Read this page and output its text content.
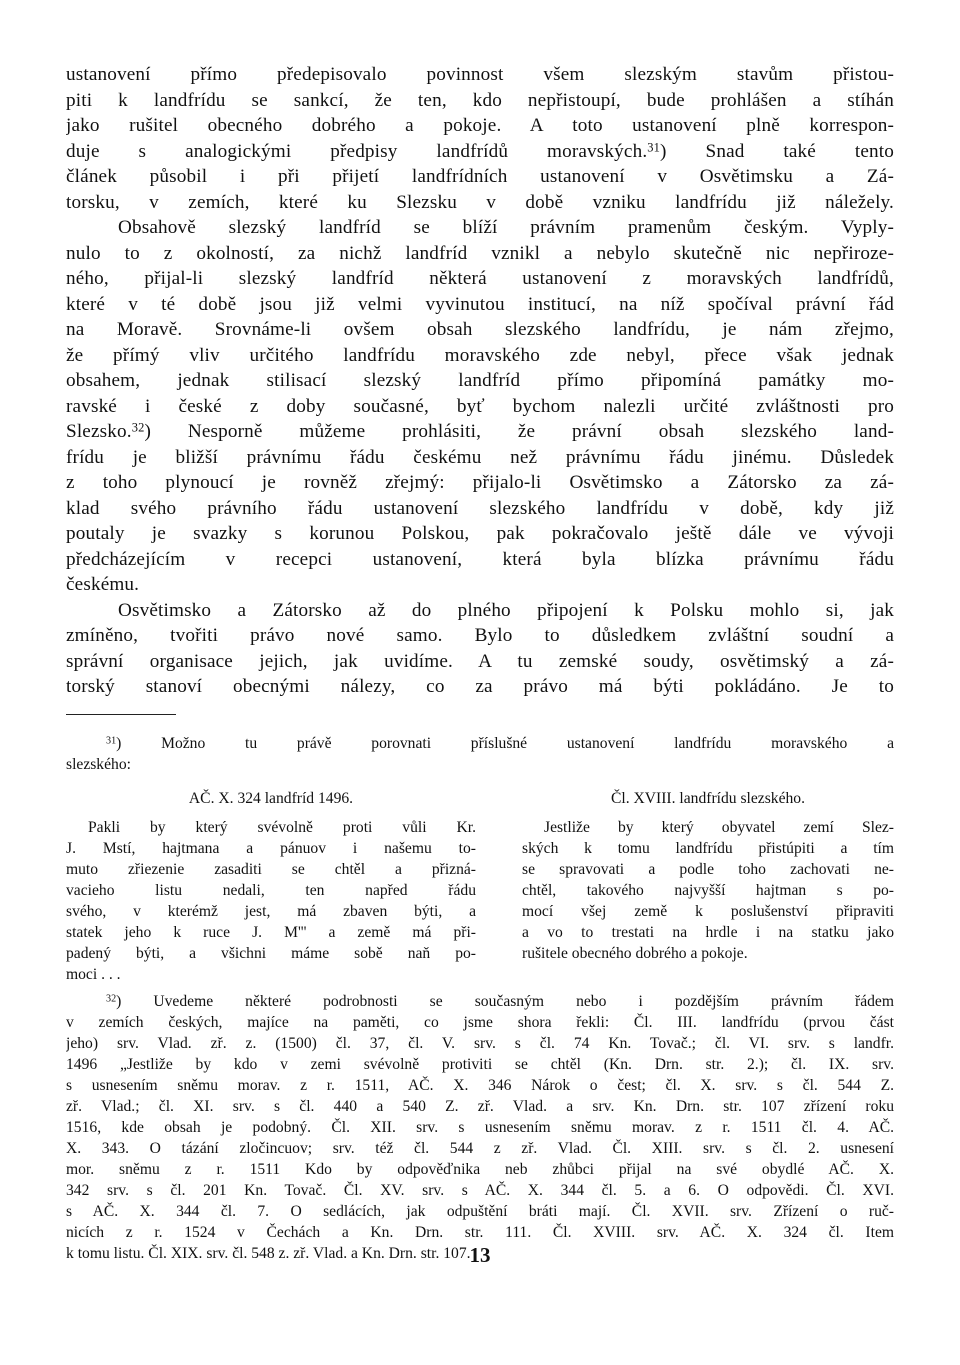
ustanovení přímo předepisovalo povinnost všem slezským stavům přistou-
piti k landfrídu se sankcí, že ten, kdo nepřistoupí, bude prohlášen a stíhán
jako rušitel obecného dobrého a pokoje. A toto ustanovení plně korrespon-
duje s analogickými předpisy landfrídů moravských.$^{31}$) Snad také tento
článek působil i při přijetí landfrídních ustanovení v Osvětimsku a Zá-
torsku, v zemích, které ku Slezsku v době vzniku landfrídu již náležely.
Obsahově slezský landfríd se blíží právním pramenům českým. Vyply-
nulo to z okolností, za nichž landfríd vznikl a nebylo skutečně nic nepřiroze-
ného, přijal-li slezský landfríd některá ustanovení z moravských landfrídů,
které v té době jsou již velmi vyvinutou institucí, na níž spočíval právní řád
na Moravě. Srovnáme-li ovšem obsah slezského landfrídu, je nám zřejmo,
že přímý vliv určitého landfrídu moravského zde nebyl, přece však jednak
obsahem, jednak stilisací slezský landfríd přímo připomíná památky mo-
ravské i české z doby současné, byť bychom nalezli určité zvláštnosti pro
Slezsko.$^{32}$) Nesporně můžeme prohlásiti, že právní obsah slezského land-
frídu je bližší právnímu řádu českému než právnímu řádu jinému. Důsledek
z toho plynoucí je rovněž zřejmý: přijalo-li Osvětimsko a Zátorsko za zá-
klad svého právního řádu ustanovení slezského landfrídu v době, kdy již
poutaly je svazky s korunou Polskou, pak pokračovalo ještě dále ve vývoji
předcházejícím v recepci ustanovení, která byla blízka právnímu řádu
českému.
Osvětimsko a Zátorsko až do plného připojení k Polsku mohlo si, jak
zmíněno, tvořiti právo nové samo. Bylo to důsledkem zvláštní soudní a
správní organisace jejich, jak uvidíme. A tu zemské soudy, osvětimský a zá-
torský stanoví obecnými nálezy, co za právo má býti pokládáno. Je to
$^{31}$) Možno tu právě porovnati příslušné ustanovení landfrídu moravského a
slezského:
AČ. X. 324 landfríd 1496.
Pakli by který svévolně proti vůli Kr.
J. Mstí, hajtmana a pánuov i našemu to-
muto zřiezenie zasaditi se chtěl a přizná-
vacieho listu nedali, ten napřed řádu
svého, v kterémž jest, má zbaven býti, a
statek jeho k ruce J. M''' a země má při-
padený býti, a všichni máme sobě naň po-
moci . . .
Čl. XVIII. landfrídu slezského.
Jestliže by který obyvatel zemí Slez-
ských k tomu landfrídu přistúpiti a tím
se spravovati a podle toho zachovati ne-
chtěl, takového najvyšší hajtman s po-
mocí všej země k poslušenství připraviti
a vo to trestati na hrdle i na statku jako
rušitele obecného dobrého a pokoje.
$^{32}$) Uvedeme některé podrobnosti se současným nebo i pozdějším právním řádem
v zemích českých, majíce na paměti, co jsme shora řekli: Čl. III. landfrídu (prvou část
jeho) srv. Vlad. zř. z. (1500) čl. 37, čl. V. srv. s čl. 74 Kn. Tovač.; čl. VI. srv. s landfr.
1496 „Jestliže by kdo v zemi svévolně protiviti se chtěl (Kn. Drn. str. 2.); čl. IX. srv.
s usnesením sněmu morav. z r. 1511, AČ. X. 346 Nárok o čest; čl. X. srv. s čl. 544 Z.
zř. Vlad.; čl. XI. srv. s čl. 440 a 540 Z. zř. Vlad. a srv. Kn. Drn. str. 107 zřízení roku
1516, kde obsah je podobný. Čl. XII. srv. s usnesením sněmu morav. z r. 1511 čl. 4. AČ.
X. 343. O tázání zločincuov; srv. též čl. 544 z zř. Vlad. Čl. XIII. srv. s čl. 2. usnesení
mor. sněmu z r. 1511 Kdo by odpověďnika neb zhůbci přijal na své obydlé AČ. X.
342 srv. s čl. 201 Kn. Tovač. Čl. XV. srv. s AČ. X. 344 čl. 5. a 6. O odpovědi. Čl. XVI.
s AČ. X. 344 čl. 7. O sedlácích, jak odpuštění bráti mají. Čl. XVII. srv. Zřízení o ruč-
nicích z r. 1524 v Čechách a Kn. Drn. str. 111. Čl. XVIII. srv. AČ. X. 324 čl. Item
k tomu listu. Čl. XIX. srv. čl. 548 z. zř. Vlad. a Kn. Drn. str. 107.
13
